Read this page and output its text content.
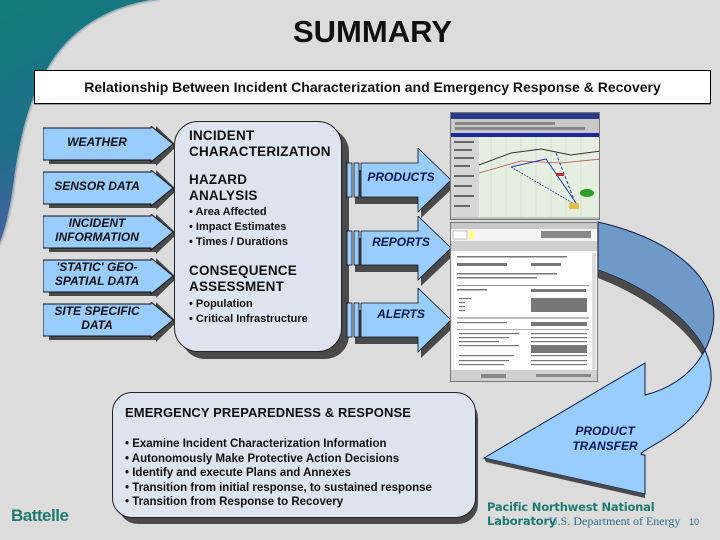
SUMMARY
Relationship Between Incident Characterization and Emergency Response & Recovery
WEATHER
SENSOR DATA
INCIDENT INFORMATION
'STATIC' GEO-SPATIAL DATA
SITE SPECIFIC DATA
INCIDENT CHARACTERIZATION
HAZARD ANALYSIS
• Area Affected
• Impact Estimates
• Times / Durations
CONSEQUENCE ASSESSMENT
• Population
• Critical Infrastructure
PRODUCTS
REPORTS
ALERTS
EMERGENCY PREPAREDNESS & RESPONSE
• Examine Incident Characterization Information
• Autonomously Make Protective Action Decisions
• Identify and execute Plans and Annexes
• Transition from initial response, to sustained response
• Transition from Response to Recovery
PRODUCT
TRANSFER
Battelle	Pacific Northwest National Laboratory
U.S. Department of Energy 10
